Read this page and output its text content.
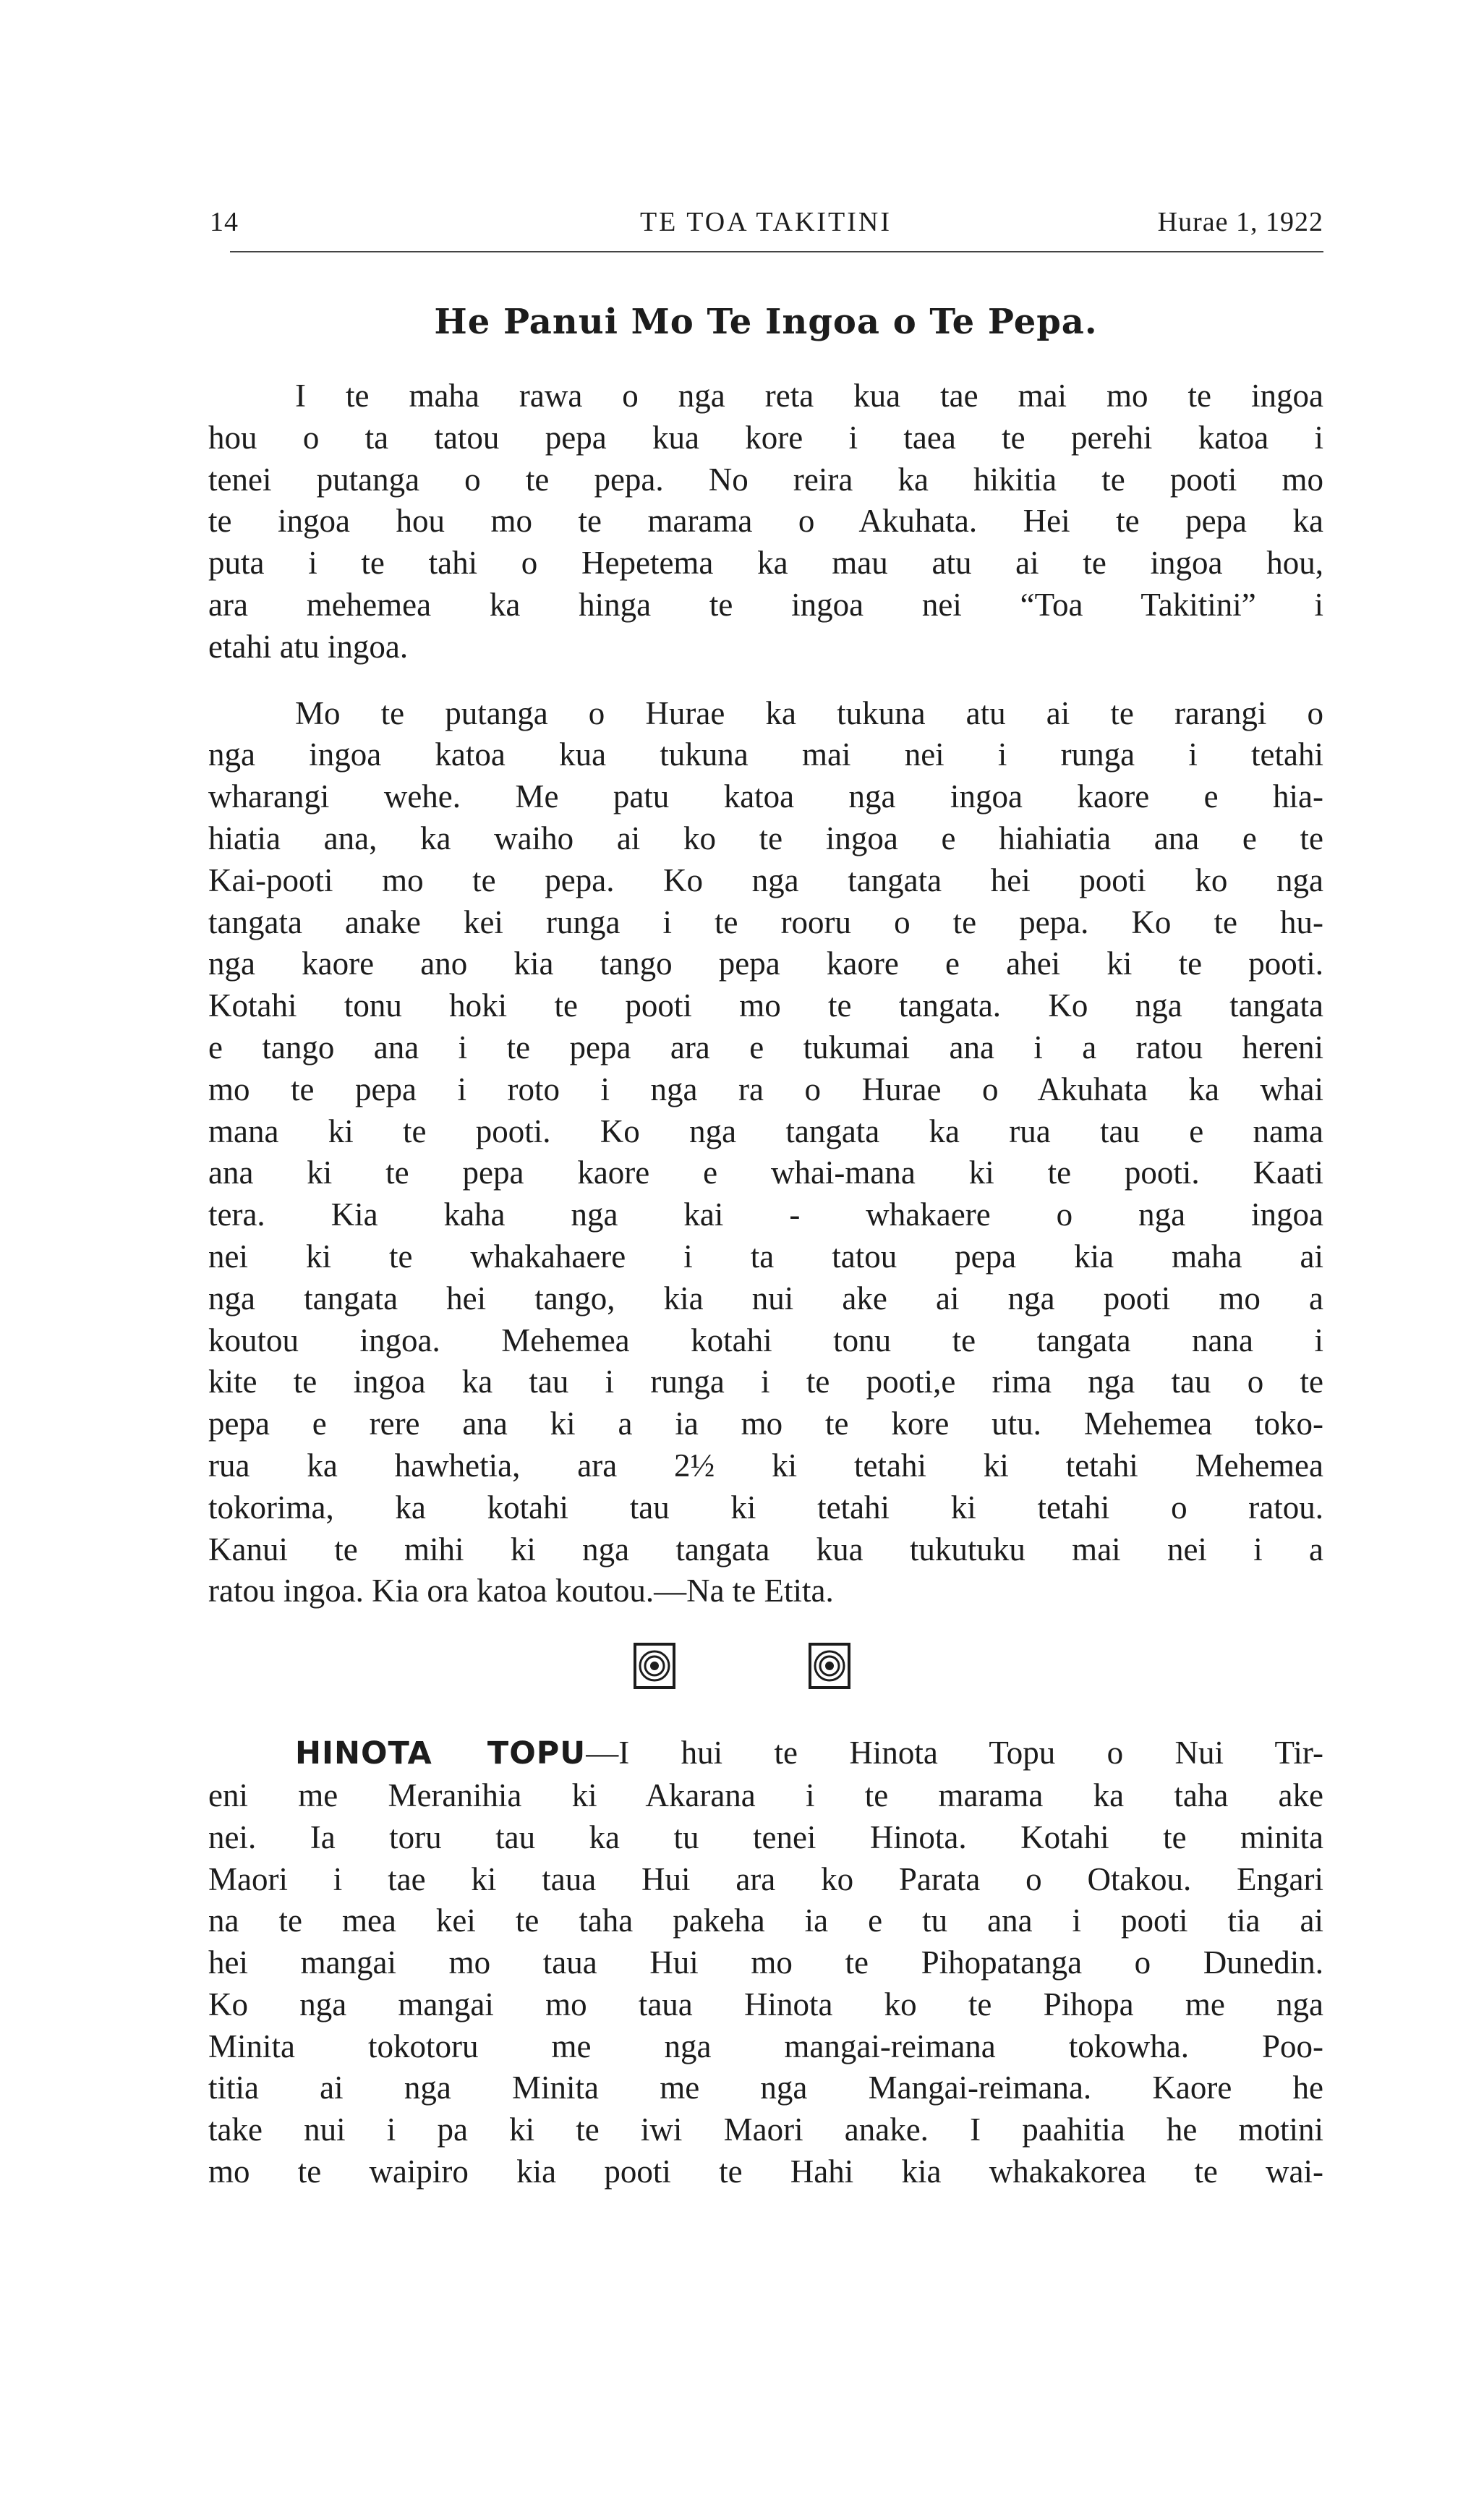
14	TE TOA TAKITINI	Hurae 1, 1922
He Panui Mo Te Ingoa o Te Pepa.

I te maha rawa o nga reta kua tae mai mo te ingoa
hou o ta tatou pepa kua kore i taea te perehi katoa i
tenei putanga o te pepa. No reira ka hikitia te pooti mo
te ingoa hou mo te marama o Akuhata. Hei te pepa ka
puta i te tahi o Hepetema ka mau atu ai te ingoa hou,
ara mehemea ka hinga te ingoa nei “Toa Takitini” i
etahi atu ingoa.

Mo te putanga o Hurae ka tukuna atu ai te rarangi o
nga ingoa katoa kua tukuna mai nei i runga i tetahi
wharangi wehe. Me patu katoa nga ingoa kaore e hia-
hiatia ana, ka waiho ai ko te ingoa e hiahiatia ana e te
Kai-pooti mo te pepa. Ko nga tangata hei pooti ko nga
tangata anake kei runga i te rooru o te pepa. Ko te hu-
nga kaore ano kia tango pepa kaore e ahei ki te pooti.
Kotahi tonu hoki te pooti mo te tangata. Ko nga tangata
e tango ana i te pepa ara e tukumai ana i a ratou hereni
mo te pepa i roto i nga ra o Hurae o Akuhata ka whai
mana ki te pooti. Ko nga tangata ka rua tau e nama
ana ki te pepa kaore e whai-mana ki te pooti. Kaati
tera. Kia kaha nga kai - whakaere o nga ingoa
nei ki te whakahaere i ta tatou pepa kia maha ai
nga tangata hei tango, kia nui ake ai nga pooti mo a
koutou ingoa. Mehemea kotahi tonu te tangata nana i
kite te ingoa ka tau i runga i te pooti,e rima nga tau o te
pepa e rere ana ki a ia mo te kore utu. Mehemea toko-
rua ka hawhetia, ara 2½ ki tetahi ki tetahi Mehemea
tokorima, ka kotahi tau ki tetahi ki tetahi o ratou.
Kanui te mihi ki nga tangata kua tukutuku mai nei i a
ratou ingoa. Kia ora katoa koutou.—Na te Etita.

HINOTA TOPU—I hui te Hinota Topu o Nui Tir-
eni me Meranihia ki Akarana i te marama ka taha ake
nei. Ia toru tau ka tu tenei Hinota. Kotahi te minita
Maori i tae ki taua Hui ara ko Parata o Otakou. Engari
na te mea kei te taha pakeha ia e tu ana i pooti tia ai
hei mangai mo taua Hui mo te Pihopatanga o Dunedin.
Ko nga mangai mo taua Hinota ko te Pihopa me nga
Minita tokotoru me nga mangai-reimana tokowha. Poo-
titia ai nga Minita me nga Mangai-reimana. Kaore he
take nui i pa ki te iwi Maori anake. I paahitia he motini
mo te waipiro kia pooti te Hahi kia whakakorea te wai-
